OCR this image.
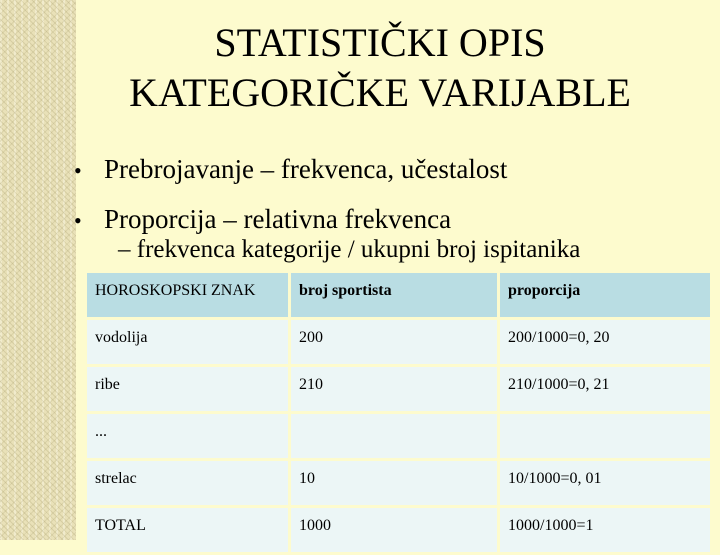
STATISTIČKI OPIS
KATEGORIČKE VARIJABLE
• Prebrojavanje – frekvenca, učestalost
• Proporcija – relativna frekvenca
– frekvenca kategorije / ukupni broj ispitanika
HOROSKOPSKI ZNAK	broj sportista	proporcija
vodolija	200	200/1000=0, 20
ribe	210	210/1000=0, 21
...		
strelac	10	10/1000=0, 01
TOTAL	1000	1000/1000=1
